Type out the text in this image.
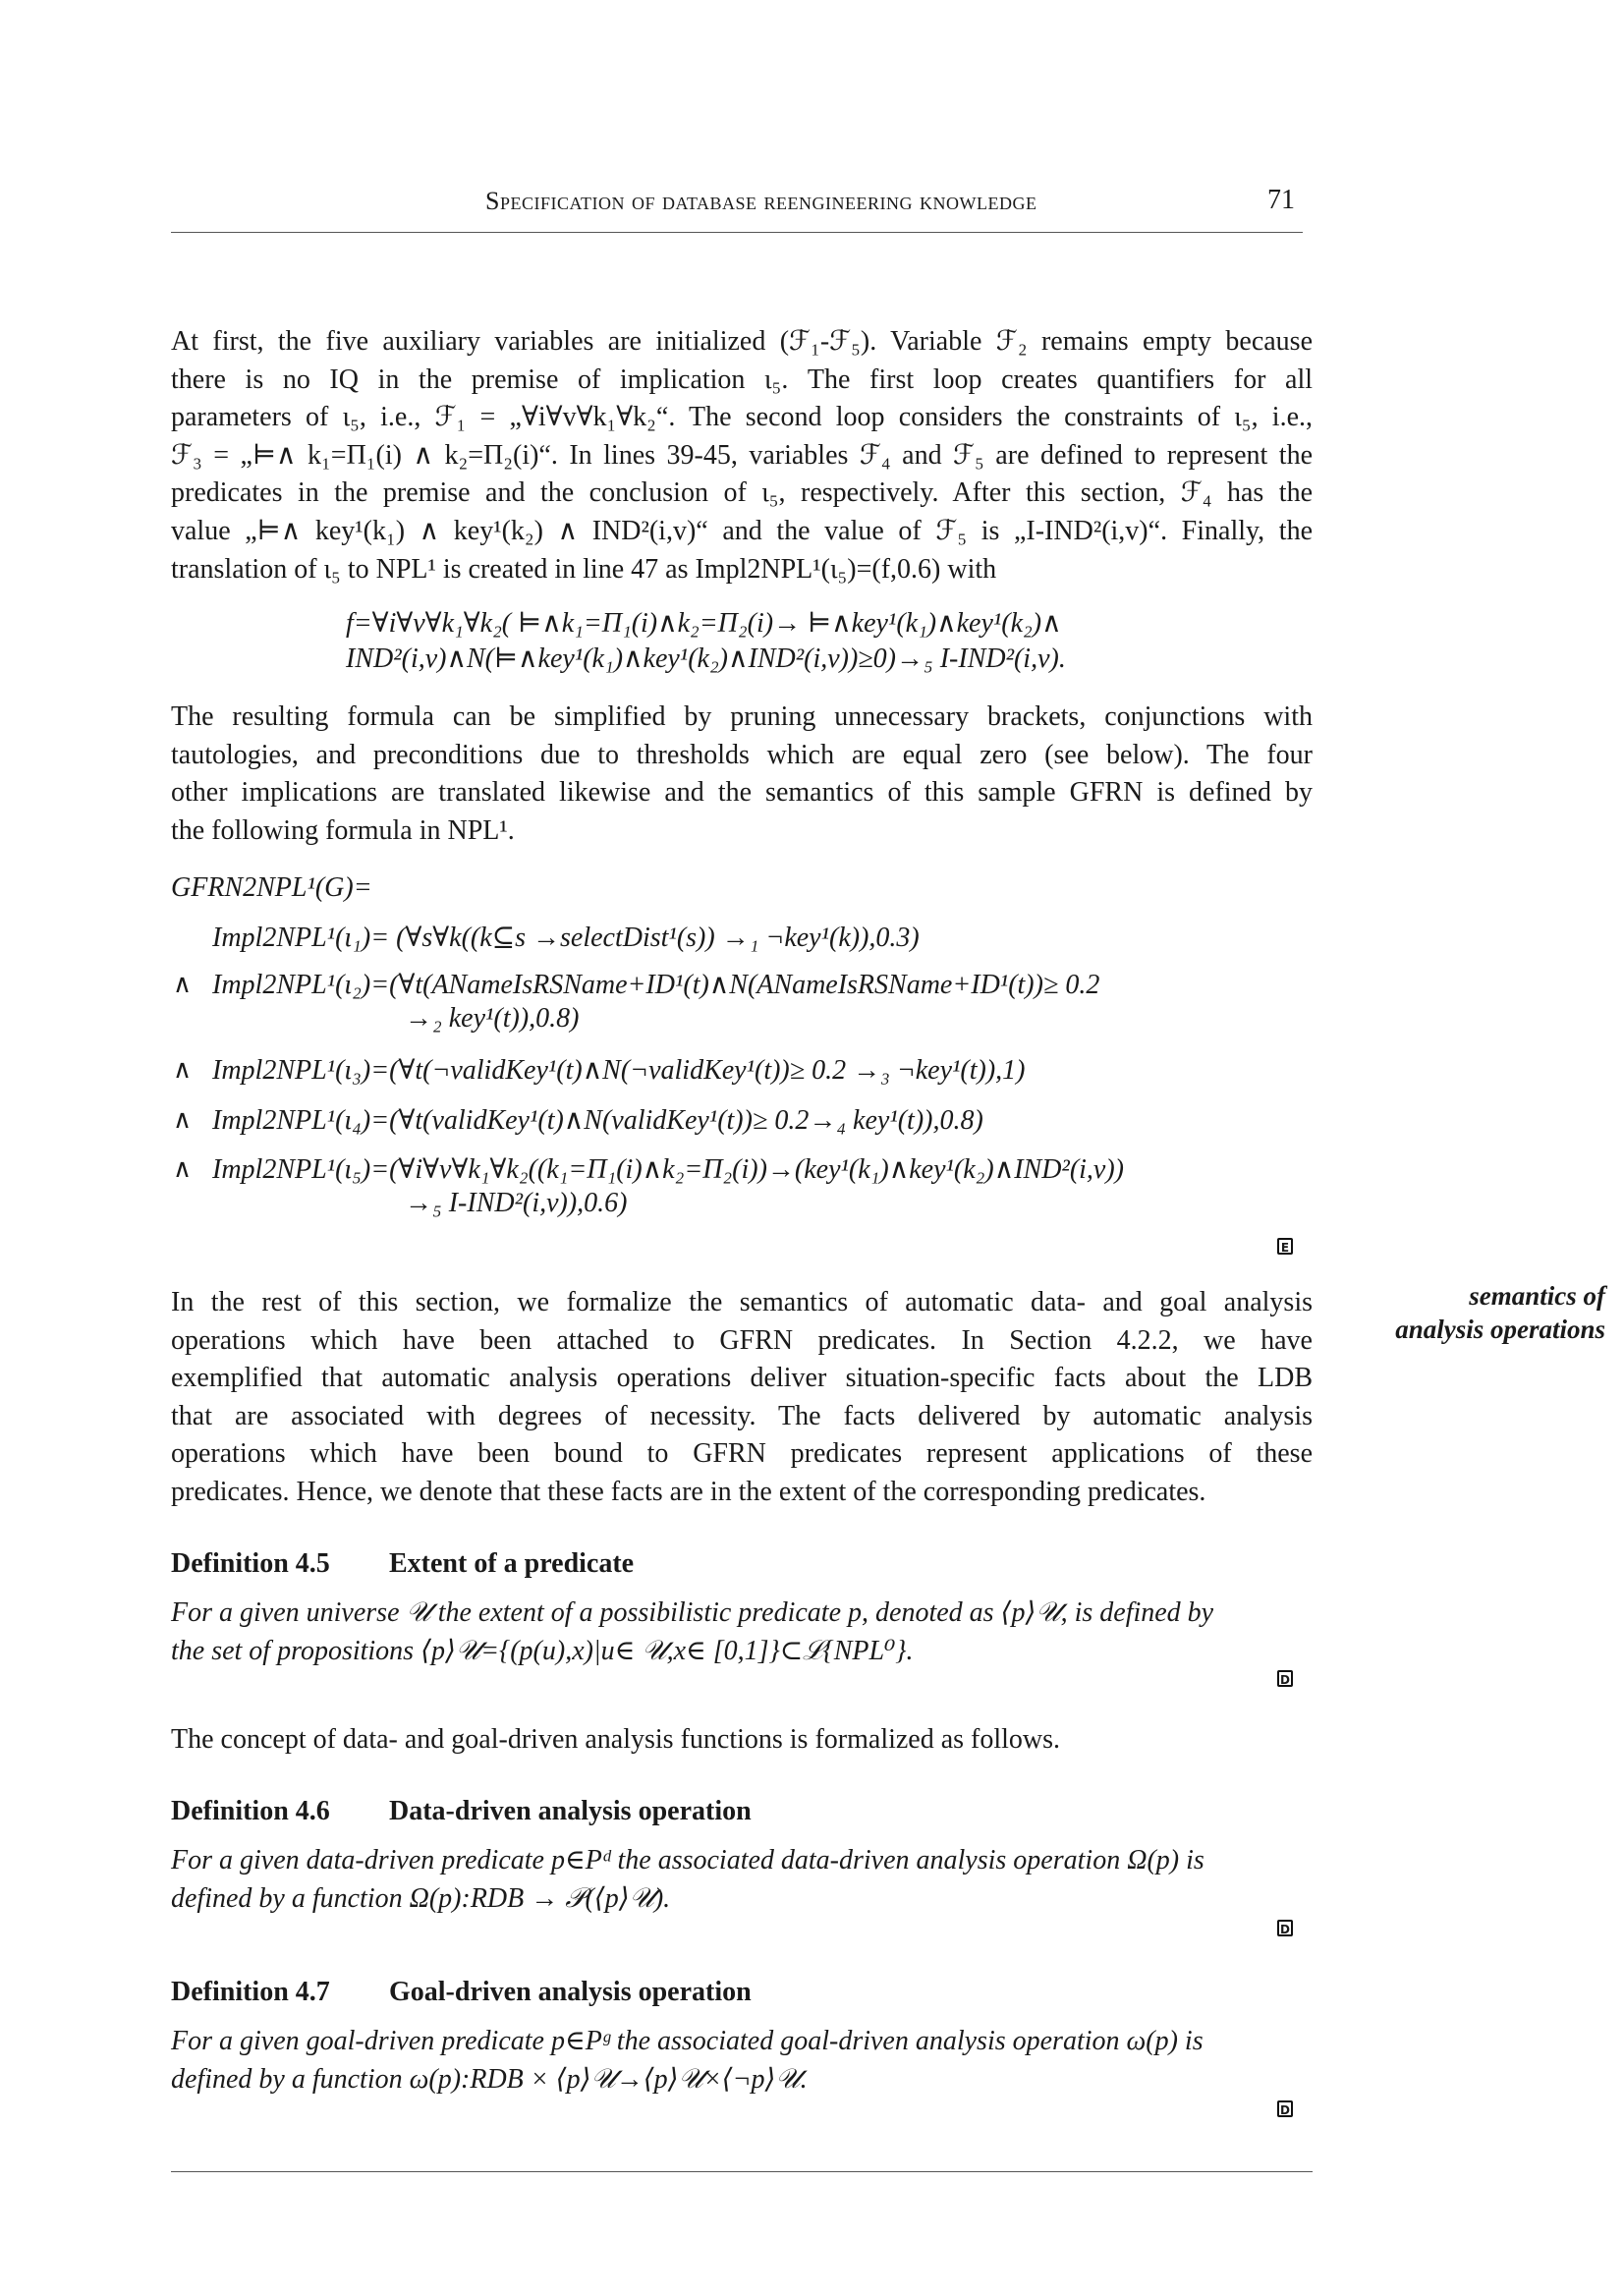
Specification of database reengineering knowledge	71
At first, the five auxiliary variables are initialized (ℱ₁-ℱ₅). Variable ℱ₂ remains empty because
there is no IQ in the premise of implication ι₅. The first loop creates quantifiers for all
parameters of ι₅, i.e., ℱ₁ = „∀i∀v∀k₁∀k₂“. The second loop considers the constraints of ι₅, i.e.,
ℱ₃ = „⊨∧ k₁=Π₁(i) ∧ k₂=Π₂(i)“. In lines 39-45, variables ℱ₄ and ℱ₅ are defined to represent the
predicates in the premise and the conclusion of ι₅, respectively. After this section, ℱ₄ has the
value „⊨∧ key¹(k₁) ∧ key¹(k₂) ∧ IND²(i,v)“ and the value of ℱ₅ is „I-IND²(i,v)“. Finally, the
translation of ι₅ to NPL¹ is created in line 47 as Impl2NPL¹(ι₅)=(f,0.6) with
f=∀i∀v∀k₁∀k₂( ⊨∧k₁=Π₁(i)∧k₂=Π₂(i)→ ⊨∧key¹(k₁)∧key¹(k₂)∧
IND²(i,v)∧N(⊨∧key¹(k₁)∧key¹(k₂)∧IND²(i,v))≥0)→₅ I-IND²(i,v).
The resulting formula can be simplified by pruning unnecessary brackets, conjunctions with
tautologies, and preconditions due to thresholds which are equal zero (see below). The four
other implications are translated likewise and the semantics of this sample GFRN is defined by
the following formula in NPL¹.
GFRN2NPL¹(G)=
Impl2NPL¹(ι₁)= (∀s∀k((k⊆s →selectDist¹(s)) →₁ ¬key¹(k)),0.3)
∧ Impl2NPL¹(ι₂)=(∀t(ANameIsRSName+ID¹(t)∧N(ANameIsRSName+ID¹(t))≥ 0.2
→₂ key¹(t)),0.8)
∧ Impl2NPL¹(ι₃)=(∀t(¬validKey¹(t)∧N(¬validKey¹(t))≥ 0.2 →₃ ¬key¹(t)),1)
∧ Impl2NPL¹(ι₄)=(∀t(validKey¹(t)∧N(validKey¹(t))≥ 0.2→₄ key¹(t)),0.8)
∧ Impl2NPL¹(ι₅)=(∀i∀v∀k₁∀k₂((k₁=Π₁(i)∧k₂=Π₂(i))→(key¹(k₁)∧key¹(k₂)∧IND²(i,v))
→₅ I-IND²(i,v)),0.6)
E
semantics of
analysis operations
In the rest of this section, we formalize the semantics of automatic data- and goal analysis
operations which have been attached to GFRN predicates. In Section 4.2.2, we have
exemplified that automatic analysis operations deliver situation-specific facts about the LDB
that are associated with degrees of necessity. The facts delivered by automatic analysis
operations which have been bound to GFRN predicates represent applications of these
predicates. Hence, we denote that these facts are in the extent of the corresponding predicates.
Definition 4.5 Extent of a predicate
For a given universe 𝒰 the extent of a possibilistic predicate p, denoted as ⟨p⟩𝒰, is defined by
the set of propositions ⟨p⟩𝒰={(p(u),x)|u∈ 𝒰,x∈ [0,1]}⊂ℒ{NPL⁰}.
D
The concept of data- and goal-driven analysis functions is formalized as follows.
Definition 4.6 Data-driven analysis operation
For a given data-driven predicate p∈Pᵈ the associated data-driven analysis operation Ω(p) is
defined by a function Ω(p):RDB → 𝒫(⟨p⟩𝒰).
D
Definition 4.7 Goal-driven analysis operation
For a given goal-driven predicate p∈Pᵍ the associated goal-driven analysis operation ω(p) is
defined by a function ω(p):RDB × ⟨p⟩𝒰→⟨p⟩𝒰×⟨¬p⟩𝒰.
D
